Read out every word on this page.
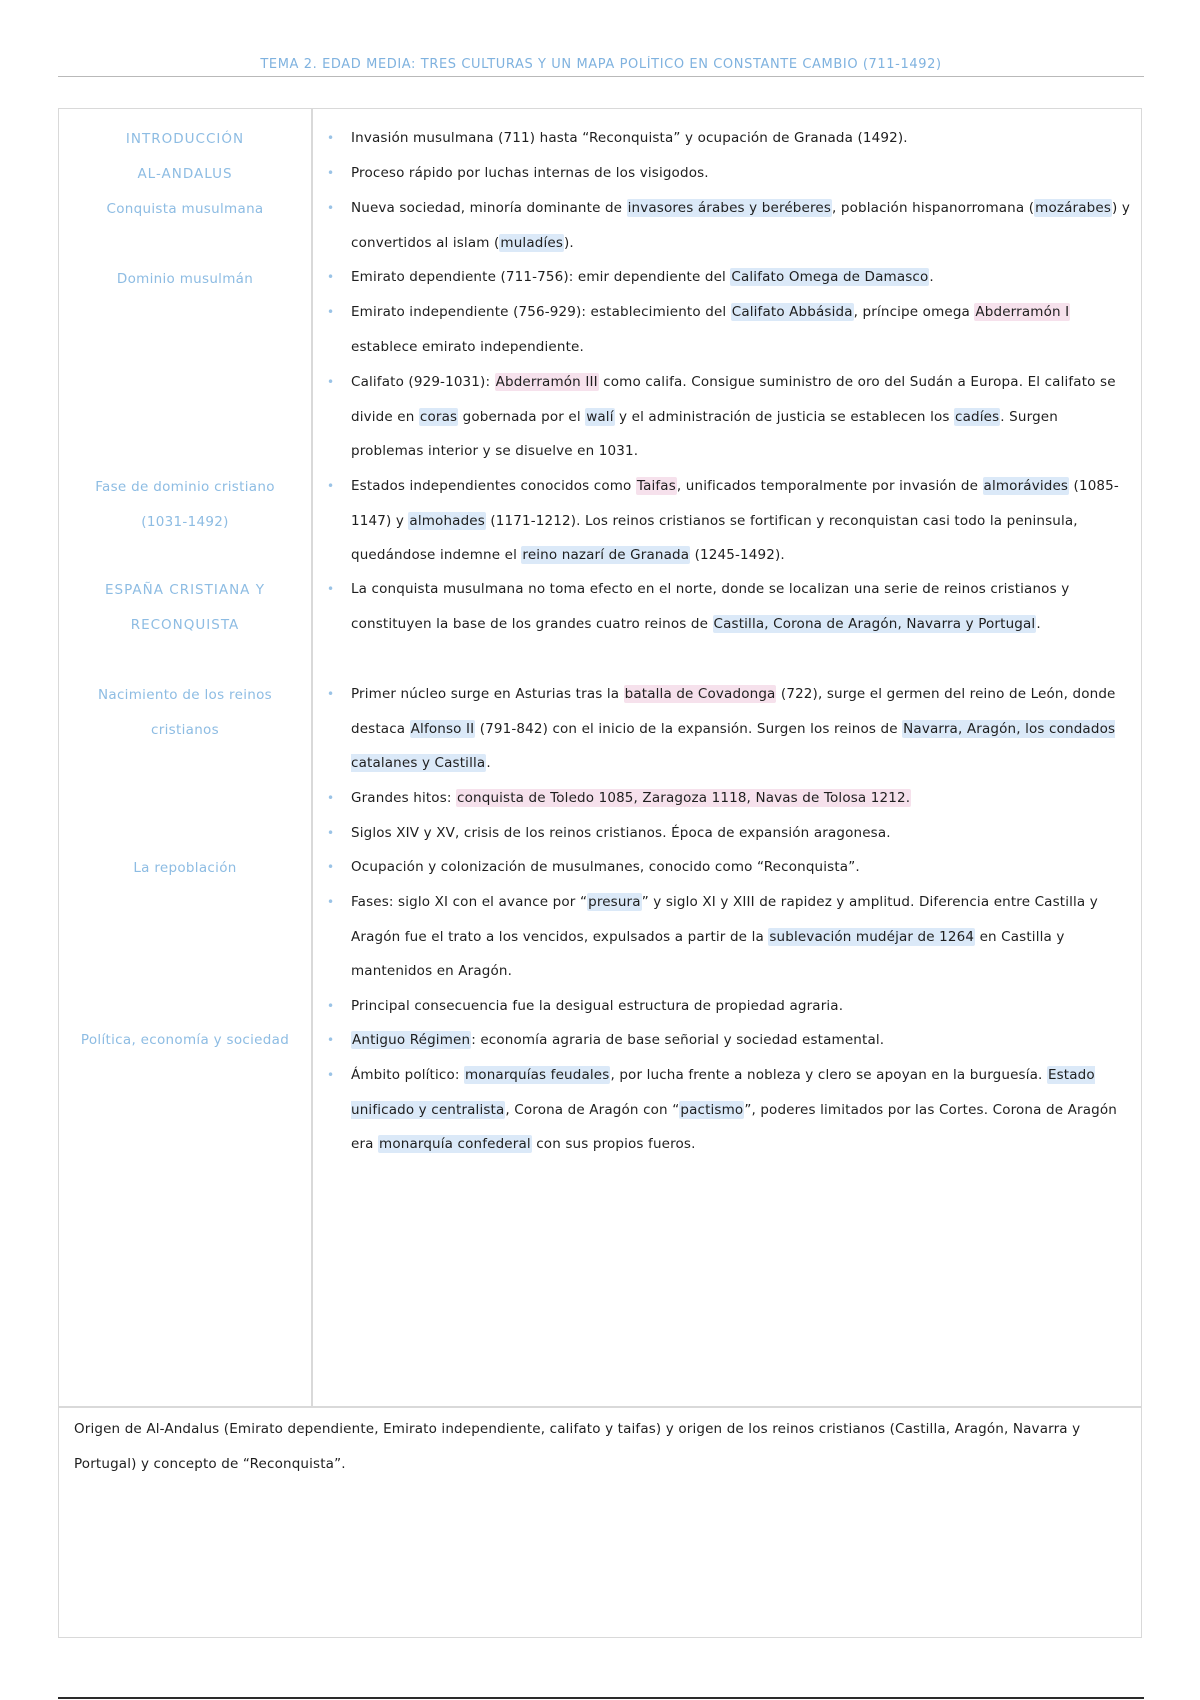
TEMA 2. EDAD MEDIA: TRES CULTURAS Y UN MAPA POLÍTICO EN CONSTANTE CAMBIO (711-1492)
INTRODUCCIÓN
AL-ANDALUS
Conquista musulmana
Dominio musulmán
Fase de dominio cristiano
(1031-1492)
ESPAÑA CRISTIANA Y
RECONQUISTA
Nacimiento de los reinos
cristianos
La repoblación
Política, economía y sociedad
• Invasión musulmana (711) hasta “Reconquista” y ocupación de Granada (1492).
• Proceso rápido por luchas internas de los visigodos.
• Nueva sociedad, minoría dominante de invasores árabes y beréberes, población hispanorromana (mozárabes) y convertidos al islam (muladíes).
• Emirato dependiente (711-756): emir dependiente del Califato Omega de Damasco.
• Emirato independiente (756-929): establecimiento del Califato Abbásida, príncipe omega Abderramón I establece emirato independiente.
• Califato (929-1031): Abderramón III como califa. Consigue suministro de oro del Sudán a Europa. El califato se divide en coras gobernada por el walí y el administración de justicia se establecen los cadíes. Surgen problemas interior y se disuelve en 1031.
• Estados independientes conocidos como Taifas, unificados temporalmente por invasión de almorávides (1085-1147) y almohades (1171-1212). Los reinos cristianos se fortifican y reconquistan casi todo la peninsula, quedándose indemne el reino nazarí de Granada (1245-1492).
• La conquista musulmana no toma efecto en el norte, donde se localizan una serie de reinos cristianos y constituyen la base de los grandes cuatro reinos de Castilla, Corona de Aragón, Navarra y Portugal.
• Primer núcleo surge en Asturias tras la batalla de Covadonga (722), surge el germen del reino de León, donde destaca Alfonso II (791-842) con el inicio de la expansión. Surgen los reinos de Navarra, Aragón, los condados catalanes y Castilla.
• Grandes hitos: conquista de Toledo 1085, Zaragoza 1118, Navas de Tolosa 1212.
• Siglos XIV y XV, crisis de los reinos cristianos. Época de expansión aragonesa.
• Ocupación y colonización de musulmanes, conocido como “Reconquista”.
• Fases: siglo XI con el avance por “presura” y siglo XI y XIII de rapidez y amplitud. Diferencia entre Castilla y Aragón fue el trato a los vencidos, expulsados a partir de la sublevación mudéjar de 1264 en Castilla y mantenidos en Aragón.
• Principal consecuencia fue la desigual estructura de propiedad agraria.
• Antiguo Régimen: economía agraria de base señorial y sociedad estamental.
• Ámbito político: monarquías feudales, por lucha frente a nobleza y clero se apoyan en la burguesía. Estado unificado y centralista, Corona de Aragón con “pactismo”, poderes limitados por las Cortes. Corona de Aragón era monarquía confederal con sus propios fueros.
Origen de Al-Andalus (Emirato dependiente, Emirato independiente, califato y taifas) y origen de los reinos cristianos (Castilla, Aragón, Navarra y Portugal) y concepto de “Reconquista”.
